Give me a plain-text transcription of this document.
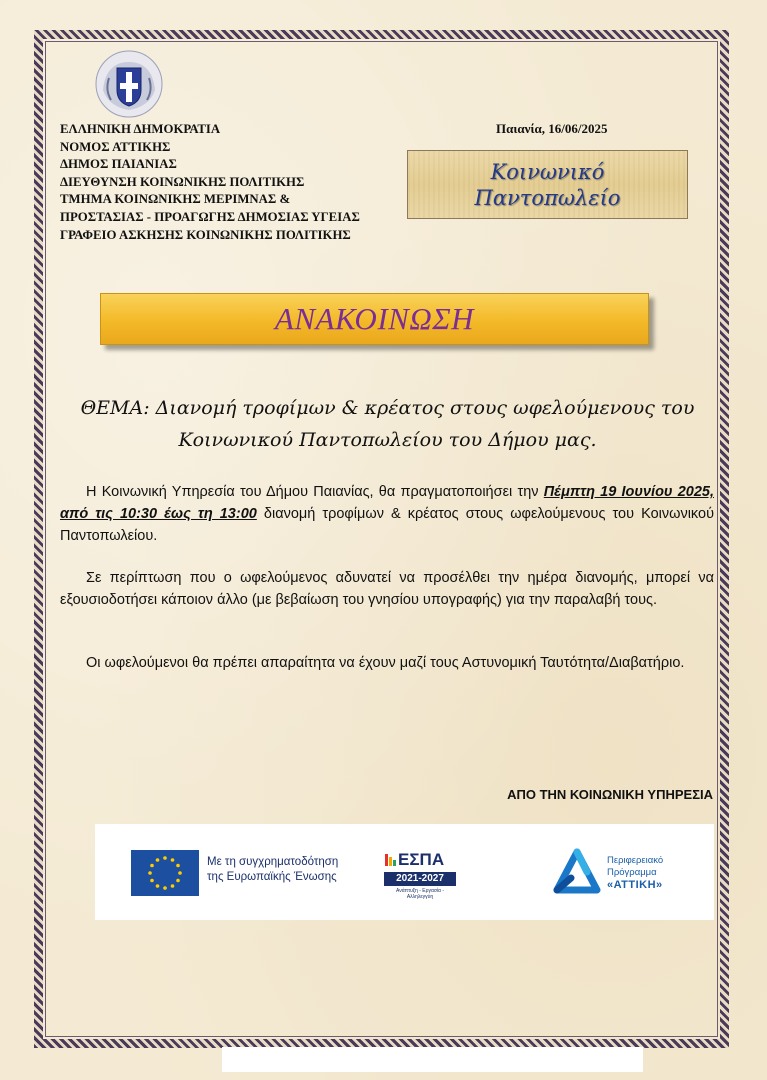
ΕΛΛΗΝΙΚΗ ΔΗΜΟΚΡΑΤΙΑ
ΝΟΜΟΣ ΑΤΤΙΚΗΣ
ΔΗΜΟΣ ΠΑΙΑΝΙΑΣ
ΔΙΕΥΘΥΝΣΗ ΚΟΙΝΩΝΙΚΗΣ ΠΟΛΙΤΙΚΗΣ
ΤΜΗΜΑ ΚΟΙΝΩΝΙΚΗΣ ΜΕΡΙΜΝΑΣ &
ΠΡΟΣΤΑΣΙΑΣ - ΠΡΟΑΓΩΓΗΣ ΔΗΜΟΣΙΑΣ ΥΓΕΙΑΣ
ΓΡΑΦΕΙΟ ΑΣΚΗΣΗΣ ΚΟΙΝΩΝΙΚΗΣ ΠΟΛΙΤΙΚΗΣ
Παιανία, 16/06/2025
Κοινωνικό
Παντοπωλείο
ΑΝΑΚΟΙΝΩΣΗ
ΘΕΜΑ: Διανομή τροφίμων & κρέατος στους ωφελούμενους του
Κοινωνικού Παντοπωλείου του Δήμου μας.
Η Κοινωνική Υπηρεσία του Δήμου Παιανίας, θα πραγματοποιήσει την Πέμπτη 19 Ιουνίου 2025, από τις 10:30 έως τη 13:00 διανομή τροφίμων & κρέατος στους ωφελούμενους του Κοινωνικού Παντοπωλείου.
Σε περίπτωση που ο ωφελούμενος αδυνατεί να προσέλθει την ημέρα διανομής, μπορεί να εξουσιοδοτήσει κάποιον άλλο (με βεβαίωση του γνησίου υπογραφής) για την παραλαβή τους.
Οι ωφελούμενοι θα πρέπει απαραίτητα να έχουν μαζί τους Αστυνομική Ταυτότητα/Διαβατήριο.
ΑΠΟ ΤΗΝ ΚΟΙΝΩΝΙΚΗ ΥΠΗΡΕΣΙΑ
Με τη συγχρηματοδότηση
της Ευρωπαϊκής Ένωσης
ΕΣΠΑ
2021-2027
Ανάπτυξη - Εργασία - Αλληλεγγύη
Περιφερειακό
Πρόγραμμα
«ΑΤΤΙΚΗ»
